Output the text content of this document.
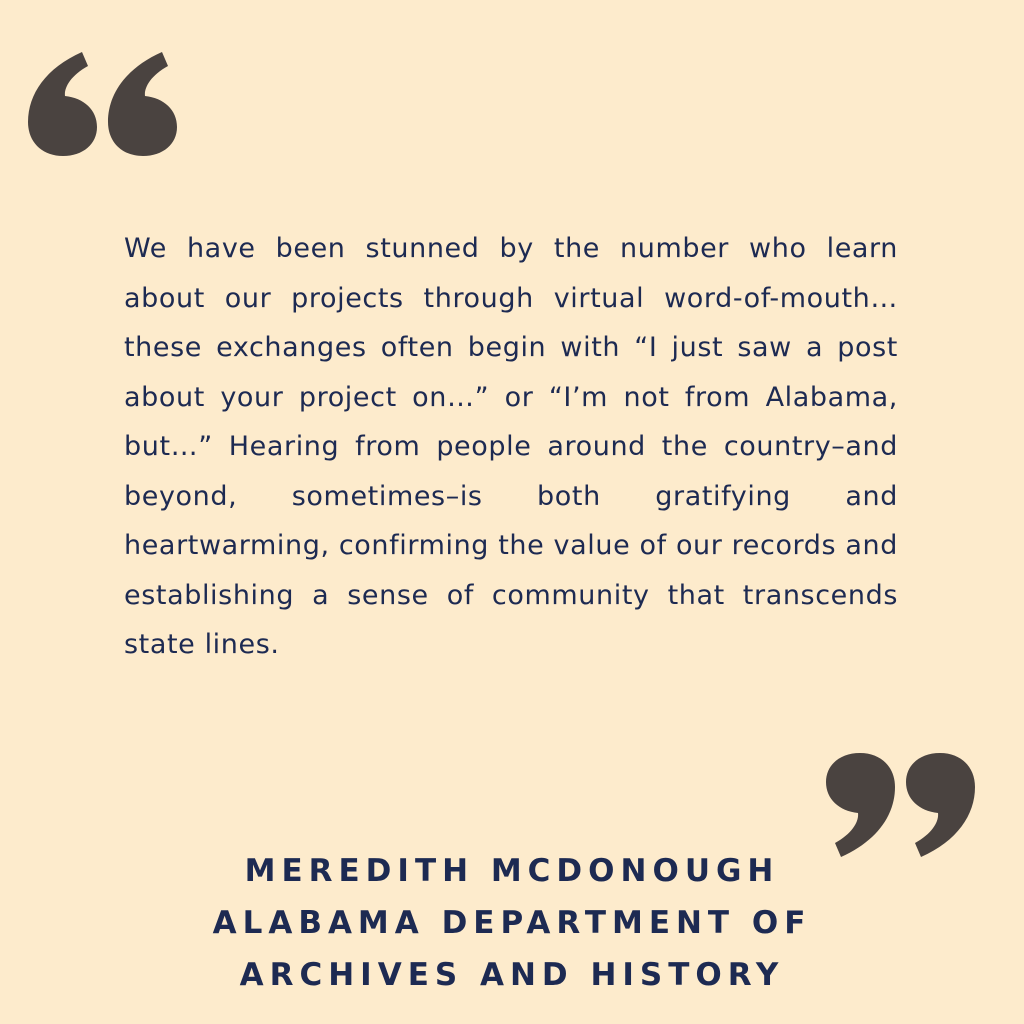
We have been stunned by the number who learn about our projects through virtual word-of-mouth… these exchanges often begin with “I just saw a post about your project on…” or “I’m not from Alabama, but…” Hearing from people around the country–and beyond, sometimes–is both gratifying and heartwarming, confirming the value of our records and establishing a sense of community that transcends state lines.

MEREDITH MCDONOUGH

ALABAMA DEPARTMENT OF

ARCHIVES AND HISTORY
